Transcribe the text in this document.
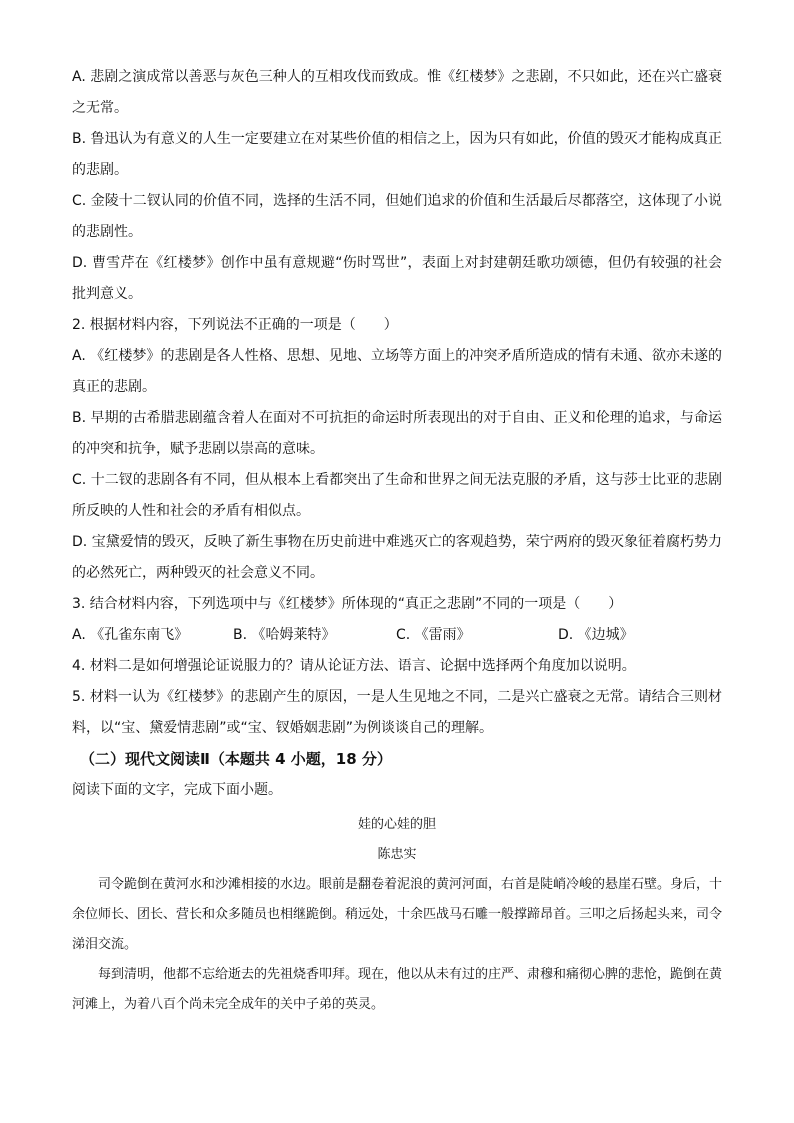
A. 悲剧之演成常以善恶与灰色三种人的互相攻伐而致成。惟《红楼梦》之悲剧，不只如此，还在兴亡盛衰之无常。

B. 鲁迅认为有意义的人生一定要建立在对某些价值的相信之上，因为只有如此，价值的毁灭才能构成真正的悲剧。

C. 金陵十二钗认同的价值不同，选择的生活不同，但她们追求的价值和生活最后尽都落空，这体现了小说的悲剧性。

D. 曹雪芹在《红楼梦》创作中虽有意规避“伤时骂世”，表面上对封建朝廷歌功颂德，但仍有较强的社会批判意义。

2. 根据材料内容，下列说法不正确的一项是（　　）

A. 《红楼梦》的悲剧是各人性格、思想、见地、立场等方面上的冲突矛盾所造成的情有未通、欲亦未遂的真正的悲剧。

B. 早期的古希腊悲剧蕴含着人在面对不可抗拒的命运时所表现出的对于自由、正义和伦理的追求，与命运的冲突和抗争，赋予悲剧以崇高的意味。

C. 十二钗的悲剧各有不同，但从根本上看都突出了生命和世界之间无法克服的矛盾，这与莎士比亚的悲剧所反映的人性和社会的矛盾有相似点。

D. 宝黛爱情的毁灭，反映了新生事物在历史前进中难逃灭亡的客观趋势，荣宁两府的毁灭象征着腐朽势力的必然死亡，两种毁灭的社会意义不同。

3. 结合材料内容，下列选项中与《红楼梦》所体现的“真正之悲剧”不同的一项是（　　）

A. 《孔雀东南飞》	B. 《哈姆莱特》	C. 《雷雨》	D. 《边城》

4. 材料二是如何增强论证说服力的？请从论证方法、语言、论据中选择两个角度加以说明。

5. 材料一认为《红楼梦》的悲剧产生的原因，一是人生见地之不同，二是兴亡盛衰之无常。请结合三则材料，以“宝、黛爱情悲剧”或“宝、钗婚姻悲剧”为例谈谈自己的理解。

（二）现代文阅读Ⅱ（本题共 4 小题，18 分）

阅读下面的文字，完成下面小题。

娃的心娃的胆
陈忠实

司令跪倒在黄河水和沙滩相接的水边。眼前是翻卷着泥浪的黄河河面，右首是陡峭冷峻的悬崖石壁。身后，十余位师长、团长、营长和众多随员也相继跪倒。稍远处，十余匹战马石雕一般撑蹄昂首。三叩之后扬起头来，司令涕泪交流。

每到清明，他都不忘给逝去的先祖烧香叩拜。现在，他以从未有过的庄严、肃穆和痛彻心脾的悲怆，跪倒在黄河滩上，为着八百个尚未完全成年的关中子弟的英灵。
